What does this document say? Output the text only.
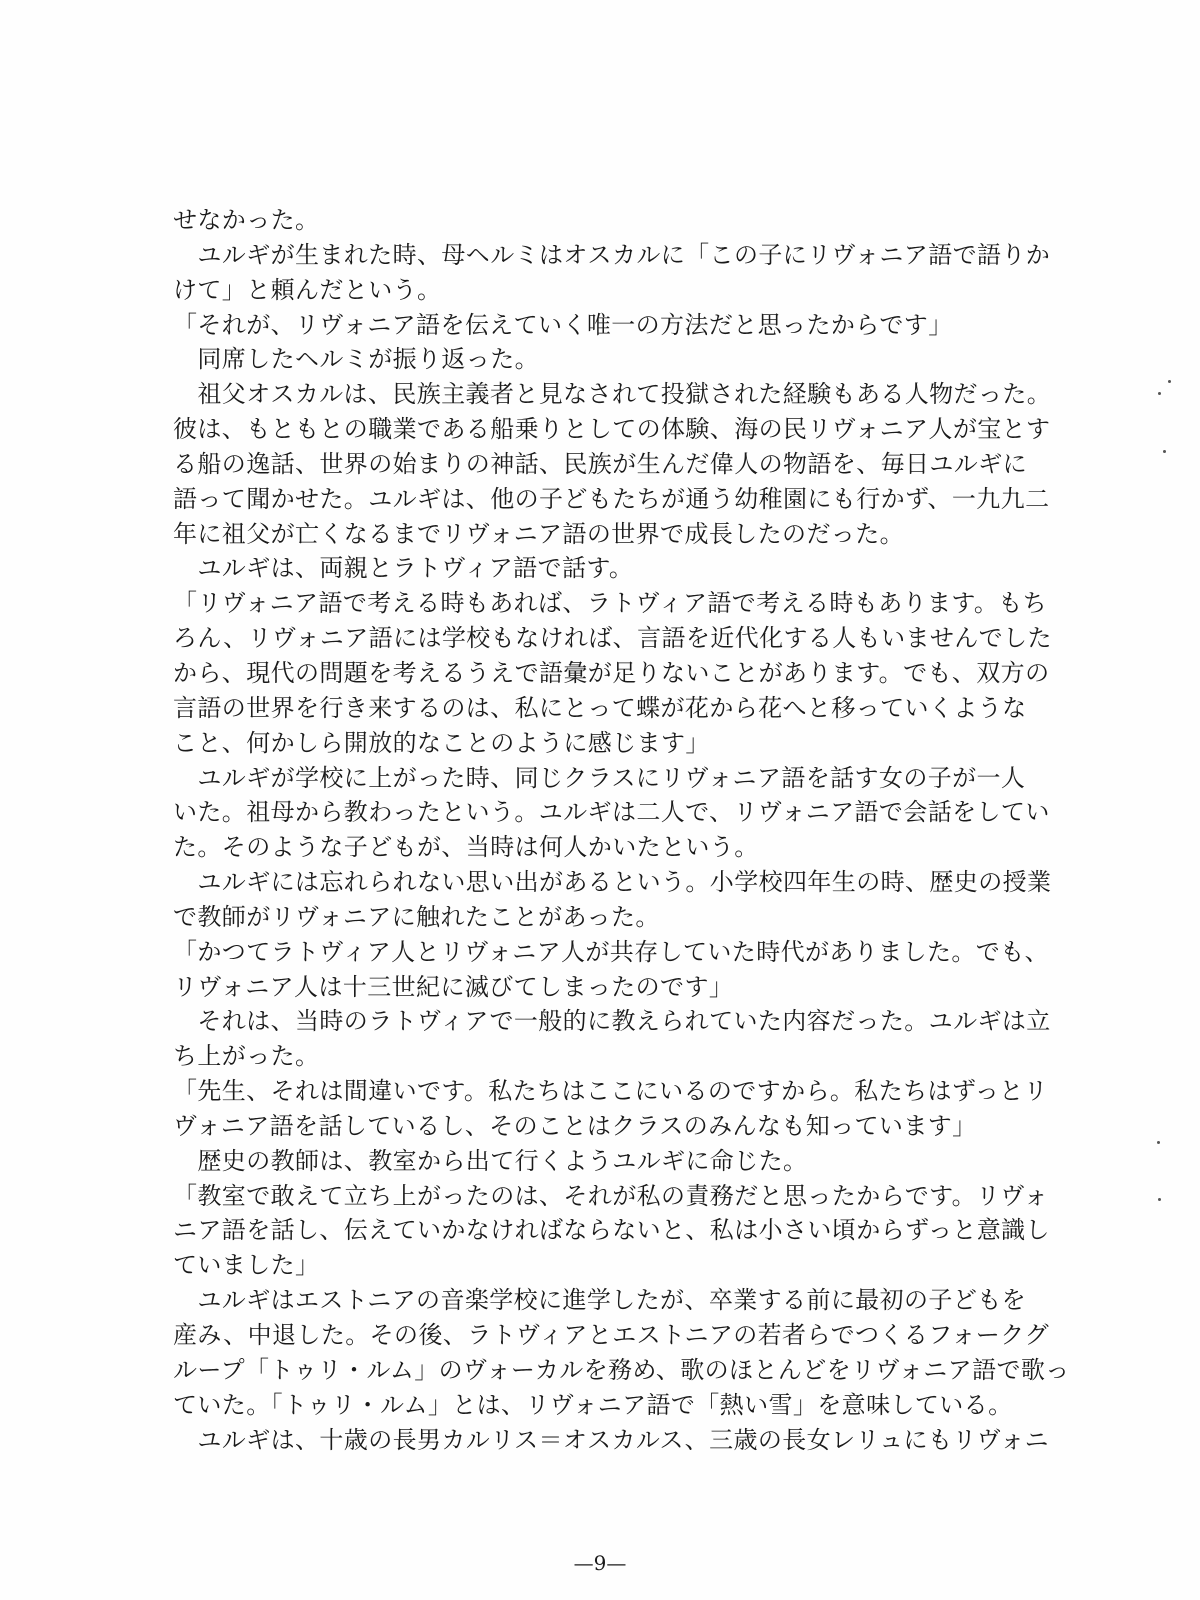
せなかった。
　ユルギが生まれた時、母ヘルミはオスカルに「この子にリヴォニア語で語りか
けて」と頼んだという。
「それが、リヴォニア語を伝えていく唯一の方法だと思ったからです」
　同席したヘルミが振り返った。
　祖父オスカルは、民族主義者と見なされて投獄された経験もある人物だった。
彼は、もともとの職業である船乗りとしての体験、海の民リヴォニア人が宝とす
る船の逸話、世界の始まりの神話、民族が生んだ偉人の物語を、毎日ユルギに
語って聞かせた。ユルギは、他の子どもたちが通う幼稚園にも行かず、一九九二
年に祖父が亡くなるまでリヴォニア語の世界で成長したのだった。
　ユルギは、両親とラトヴィア語で話す。
「リヴォニア語で考える時もあれば、ラトヴィア語で考える時もあります。もち
ろん、リヴォニア語には学校もなければ、言語を近代化する人もいませんでした
から、現代の問題を考えるうえで語彙が足りないことがあります。でも、双方の
言語の世界を行き来するのは、私にとって蝶が花から花へと移っていくような
こと、何かしら開放的なことのように感じます」
　ユルギが学校に上がった時、同じクラスにリヴォニア語を話す女の子が一人
いた。祖母から教わったという。ユルギは二人で、リヴォニア語で会話をしてい
た。そのような子どもが、当時は何人かいたという。
　ユルギには忘れられない思い出があるという。小学校四年生の時、歴史の授業
で教師がリヴォニアに触れたことがあった。
「かつてラトヴィア人とリヴォニア人が共存していた時代がありました。でも、
リヴォニア人は十三世紀に滅びてしまったのです」
　それは、当時のラトヴィアで一般的に教えられていた内容だった。ユルギは立
ち上がった。
「先生、それは間違いです。私たちはここにいるのですから。私たちはずっとリ
ヴォニア語を話しているし、そのことはクラスのみんなも知っています」
　歴史の教師は、教室から出て行くようユルギに命じた。
「教室で敢えて立ち上がったのは、それが私の責務だと思ったからです。リヴォ
ニア語を話し、伝えていかなければならないと、私は小さい頃からずっと意識し
ていました」
　ユルギはエストニアの音楽学校に進学したが、卒業する前に最初の子どもを
産み、中退した。その後、ラトヴィアとエストニアの若者らでつくるフォークグ
ループ「トゥリ・ルム」のヴォーカルを務め、歌のほとんどをリヴォニア語で歌っ
ていた。「トゥリ・ルム」とは、リヴォニア語で「熱い雪」を意味している。
　ユルギは、十歳の長男カルリス＝オスカルス、三歳の長女レリュにもリヴォニ
—9—
